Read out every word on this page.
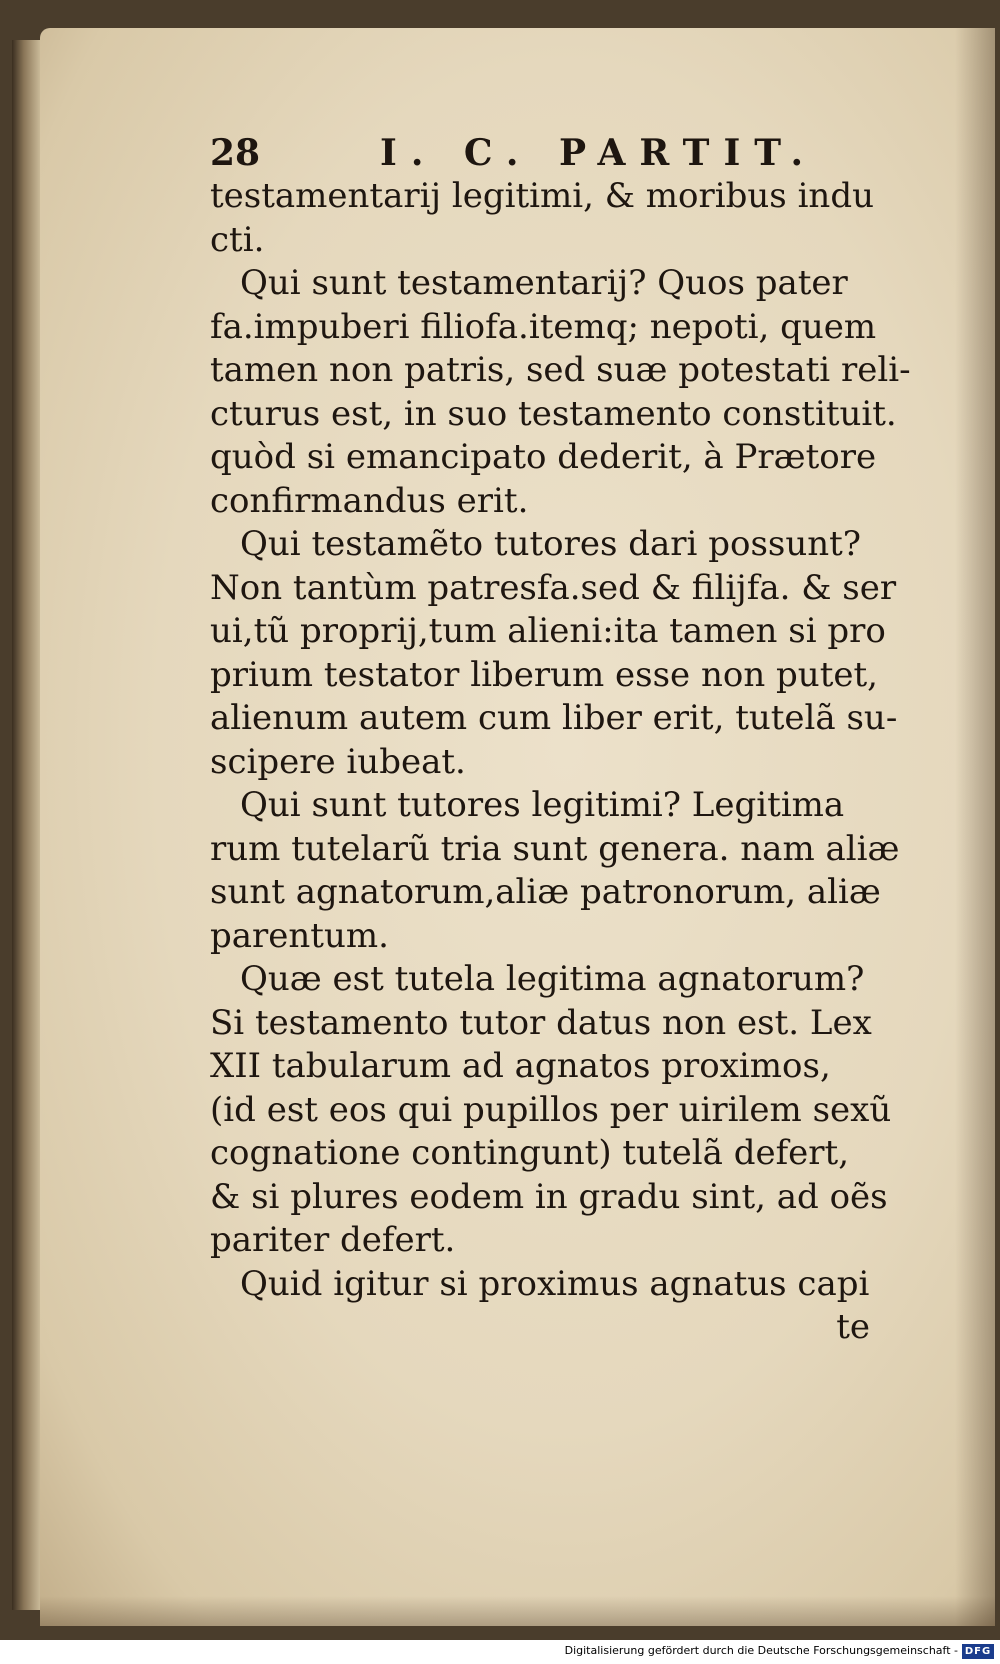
28	I. C. PARTIT.
testamentarij legitimi, & moribus indu
cti.
Qui sunt testamentarij? Quos pater
fa.impuberi filiofa.itemq; nepoti, quem
tamen non patris, sed suæ potestati reli-
cturus est, in suo testamento constituit.
quòd si emancipato dederit, à Prætore
confirmandus erit.
Qui testamẽto tutores dari possunt?
Non tantùm patresfa.sed & filijfa. & ser
ui,tũ proprij,tum alieni:ita tamen si pro
prium testator liberum esse non putet,
alienum autem cum liber erit, tutelã su-
scipere iubeat.
Qui sunt tutores legitimi? Legitima
rum tutelarũ tria sunt genera. nam aliæ
sunt agnatorum,aliæ patronorum, aliæ
parentum.
Quæ est tutela legitima agnatorum?
Si testamento tutor datus non est. Lex
XII tabularum ad agnatos proximos,
(id est eos qui pupillos per uirilem sexũ
cognatione contingunt) tutelã defert,
& si plures eodem in gradu sint, ad oẽs
pariter defert.
Quid igitur si proximus agnatus capi
te
Digitalisierung gefördert durch die Deutsche Forschungsgemeinschaft - DFG
